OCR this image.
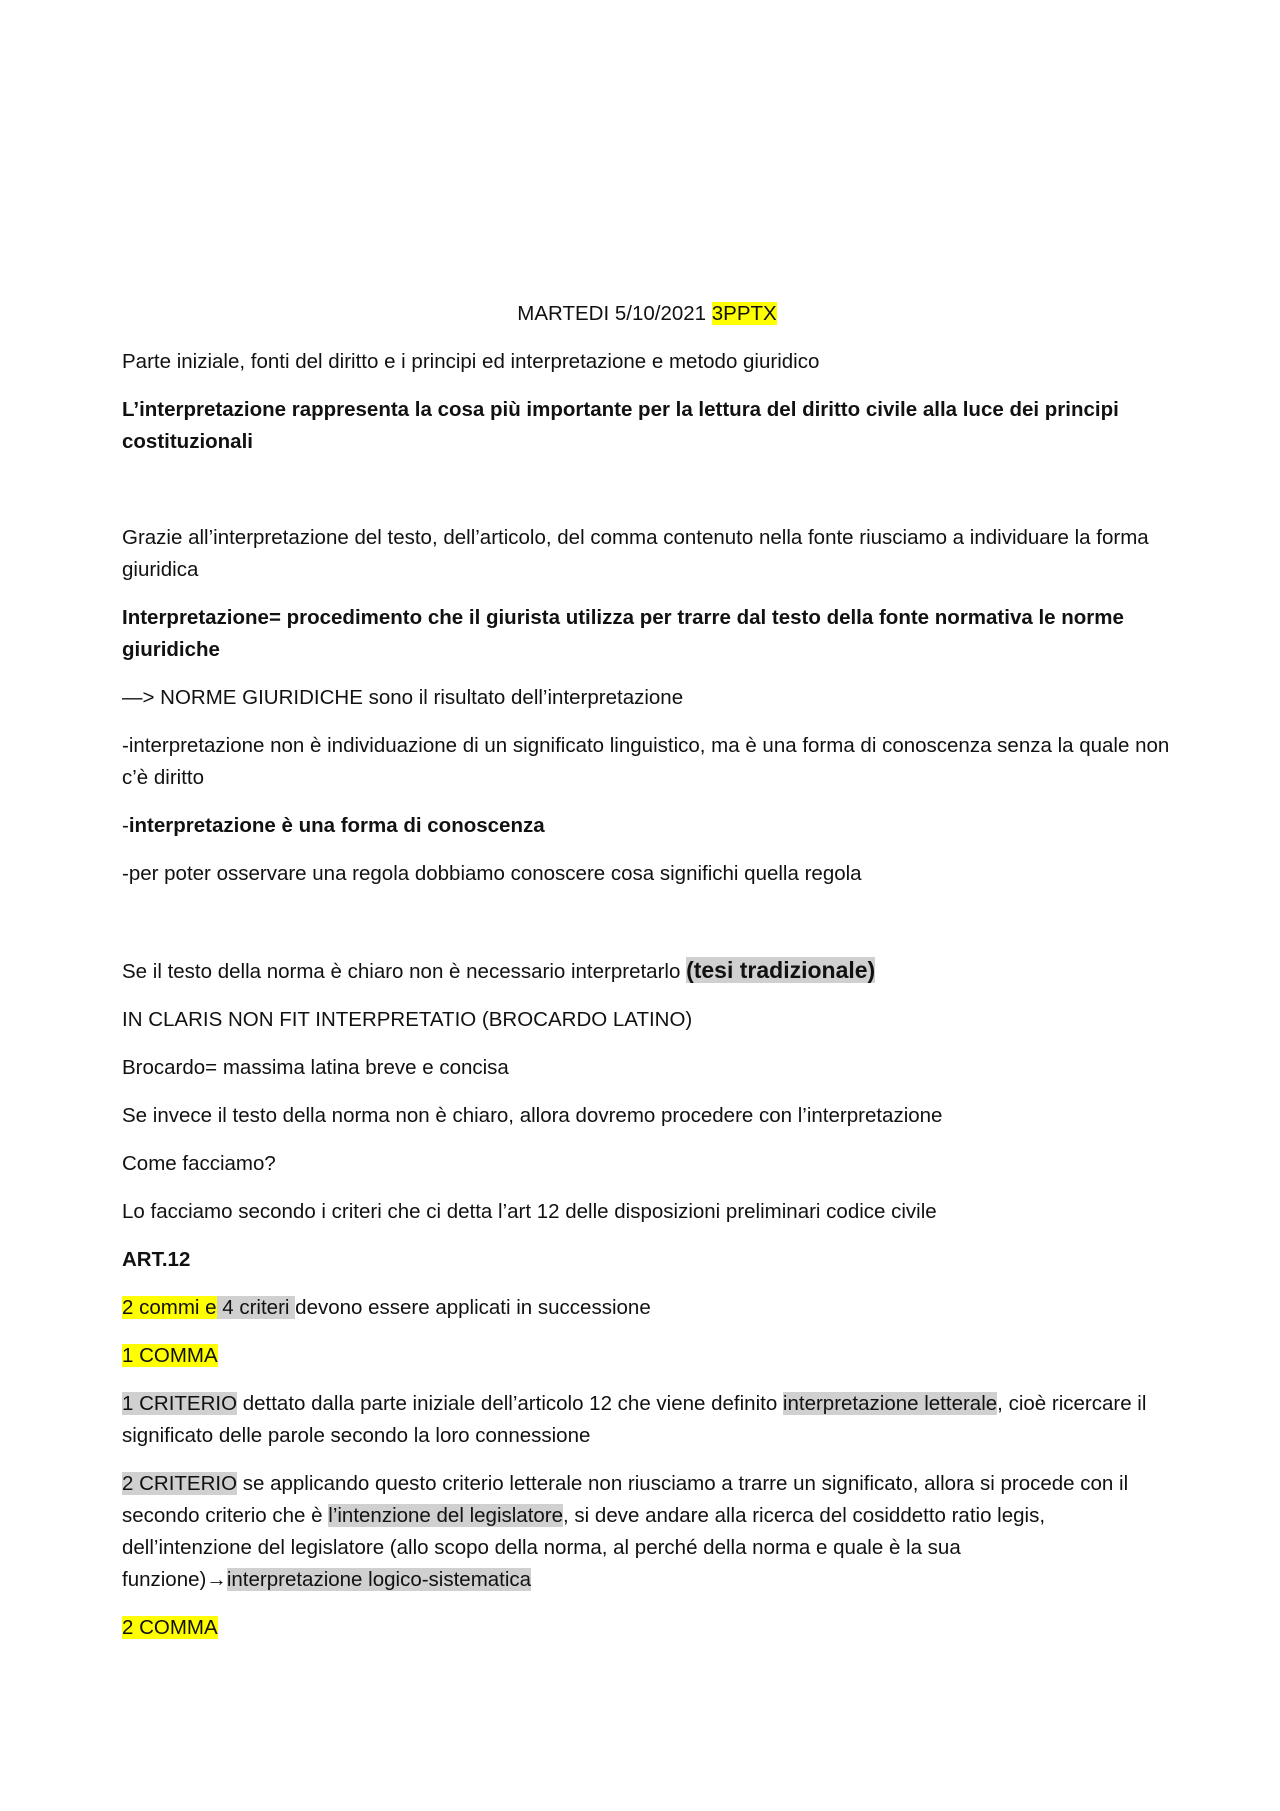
MARTEDI 5/10/2021 3PPTX

Parte iniziale, fonti del diritto e i principi ed interpretazione e metodo giuridico

L’interpretazione rappresenta la cosa più importante per la lettura del diritto civile alla luce dei principi costituzionali

Grazie all’interpretazione del testo, dell’articolo, del comma contenuto nella fonte riusciamo a individuare la forma giuridica

Interpretazione= procedimento che il giurista utilizza per trarre dal testo della fonte normativa le norme giuridiche

—> NORME GIURIDICHE sono il risultato dell’interpretazione

-interpretazione non è individuazione di un significato linguistico, ma è una forma di conoscenza senza la quale non c’è diritto

-interpretazione è una forma di conoscenza

-per poter osservare una regola dobbiamo conoscere cosa significhi quella regola

Se il testo della norma è chiaro non è necessario interpretarlo (tesi tradizionale)

IN CLARIS NON FIT INTERPRETATIO (BROCARDO LATINO)

Brocardo= massima latina breve e concisa

Se invece il testo della norma non è chiaro, allora dovremo procedere con l’interpretazione

Come facciamo?

Lo facciamo secondo i criteri che ci detta l’art 12 delle disposizioni preliminari codice civile

ART.12

2 commi e 4 criteri devono essere applicati in successione

1 COMMA

1 CRITERIO dettato dalla parte iniziale dell’articolo 12 che viene definito interpretazione letterale, cioè ricercare il significato delle parole secondo la loro connessione

2 CRITERIO se applicando questo criterio letterale non riusciamo a trarre un significato, allora si procede con il secondo criterio che è l’intenzione del legislatore, si deve andare alla ricerca del cosiddetto ratio legis, dell’intenzione del legislatore (allo scopo della norma, al perché della norma e quale è la sua funzione)→interpretazione logico-sistematica

2 COMMA
